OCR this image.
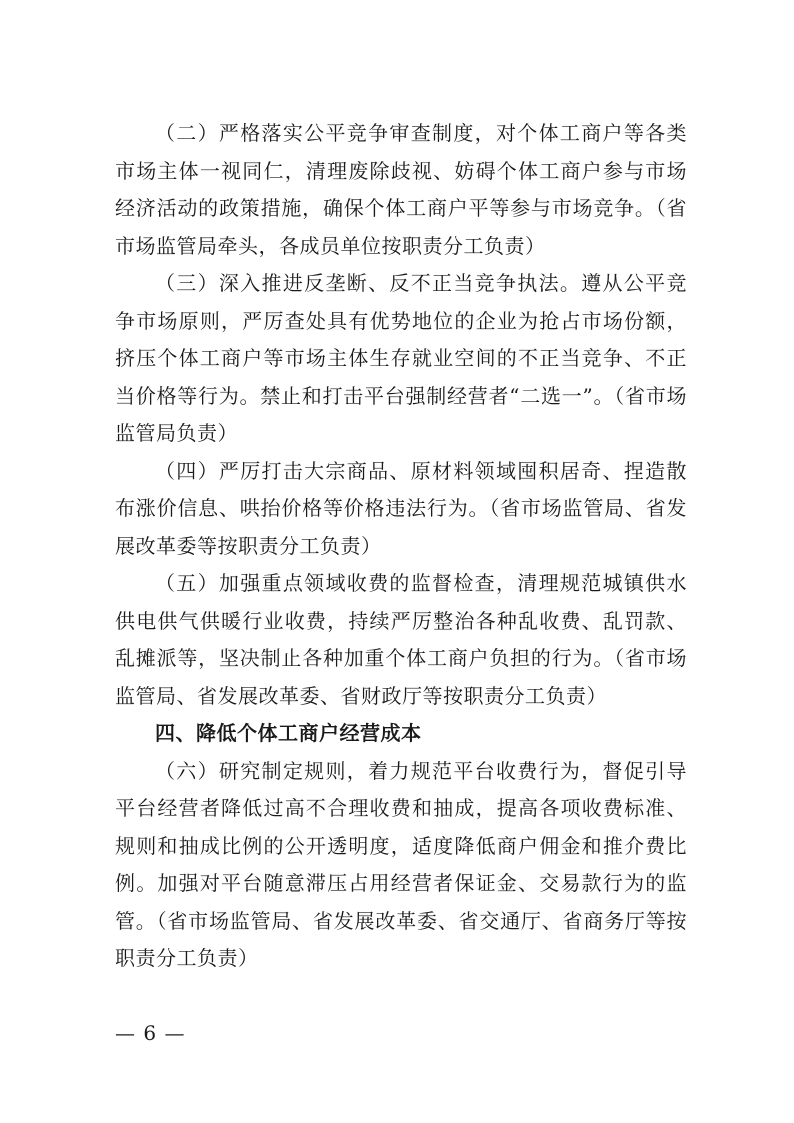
（二）严格落实公平竞争审查制度，对个体工商户等各类市场主体一视同仁，清理废除歧视、妨碍个体工商户参与市场经济活动的政策措施，确保个体工商户平等参与市场竞争。（省市场监管局牵头，各成员单位按职责分工负责）

（三）深入推进反垄断、反不正当竞争执法。遵从公平竞争市场原则，严厉查处具有优势地位的企业为抢占市场份额，挤压个体工商户等市场主体生存就业空间的不正当竞争、不正当价格等行为。禁止和打击平台强制经营者“二选一”。（省市场监管局负责）

（四）严厉打击大宗商品、原材料领域囤积居奇、捏造散布涨价信息、哄抬价格等价格违法行为。（省市场监管局、省发展改革委等按职责分工负责）

（五）加强重点领域收费的监督检查，清理规范城镇供水供电供气供暖行业收费，持续严厉整治各种乱收费、乱罚款、乱摊派等，坚决制止各种加重个体工商户负担的行为。（省市场监管局、省发展改革委、省财政厅等按职责分工负责）

四、降低个体工商户经营成本

（六）研究制定规则，着力规范平台收费行为，督促引导平台经营者降低过高不合理收费和抽成，提高各项收费标准、规则和抽成比例的公开透明度，适度降低商户佣金和推介费比例。加强对平台随意滞压占用经营者保证金、交易款行为的监管。（省市场监管局、省发展改革委、省交通厅、省商务厅等按职责分工负责）

— 6 —
